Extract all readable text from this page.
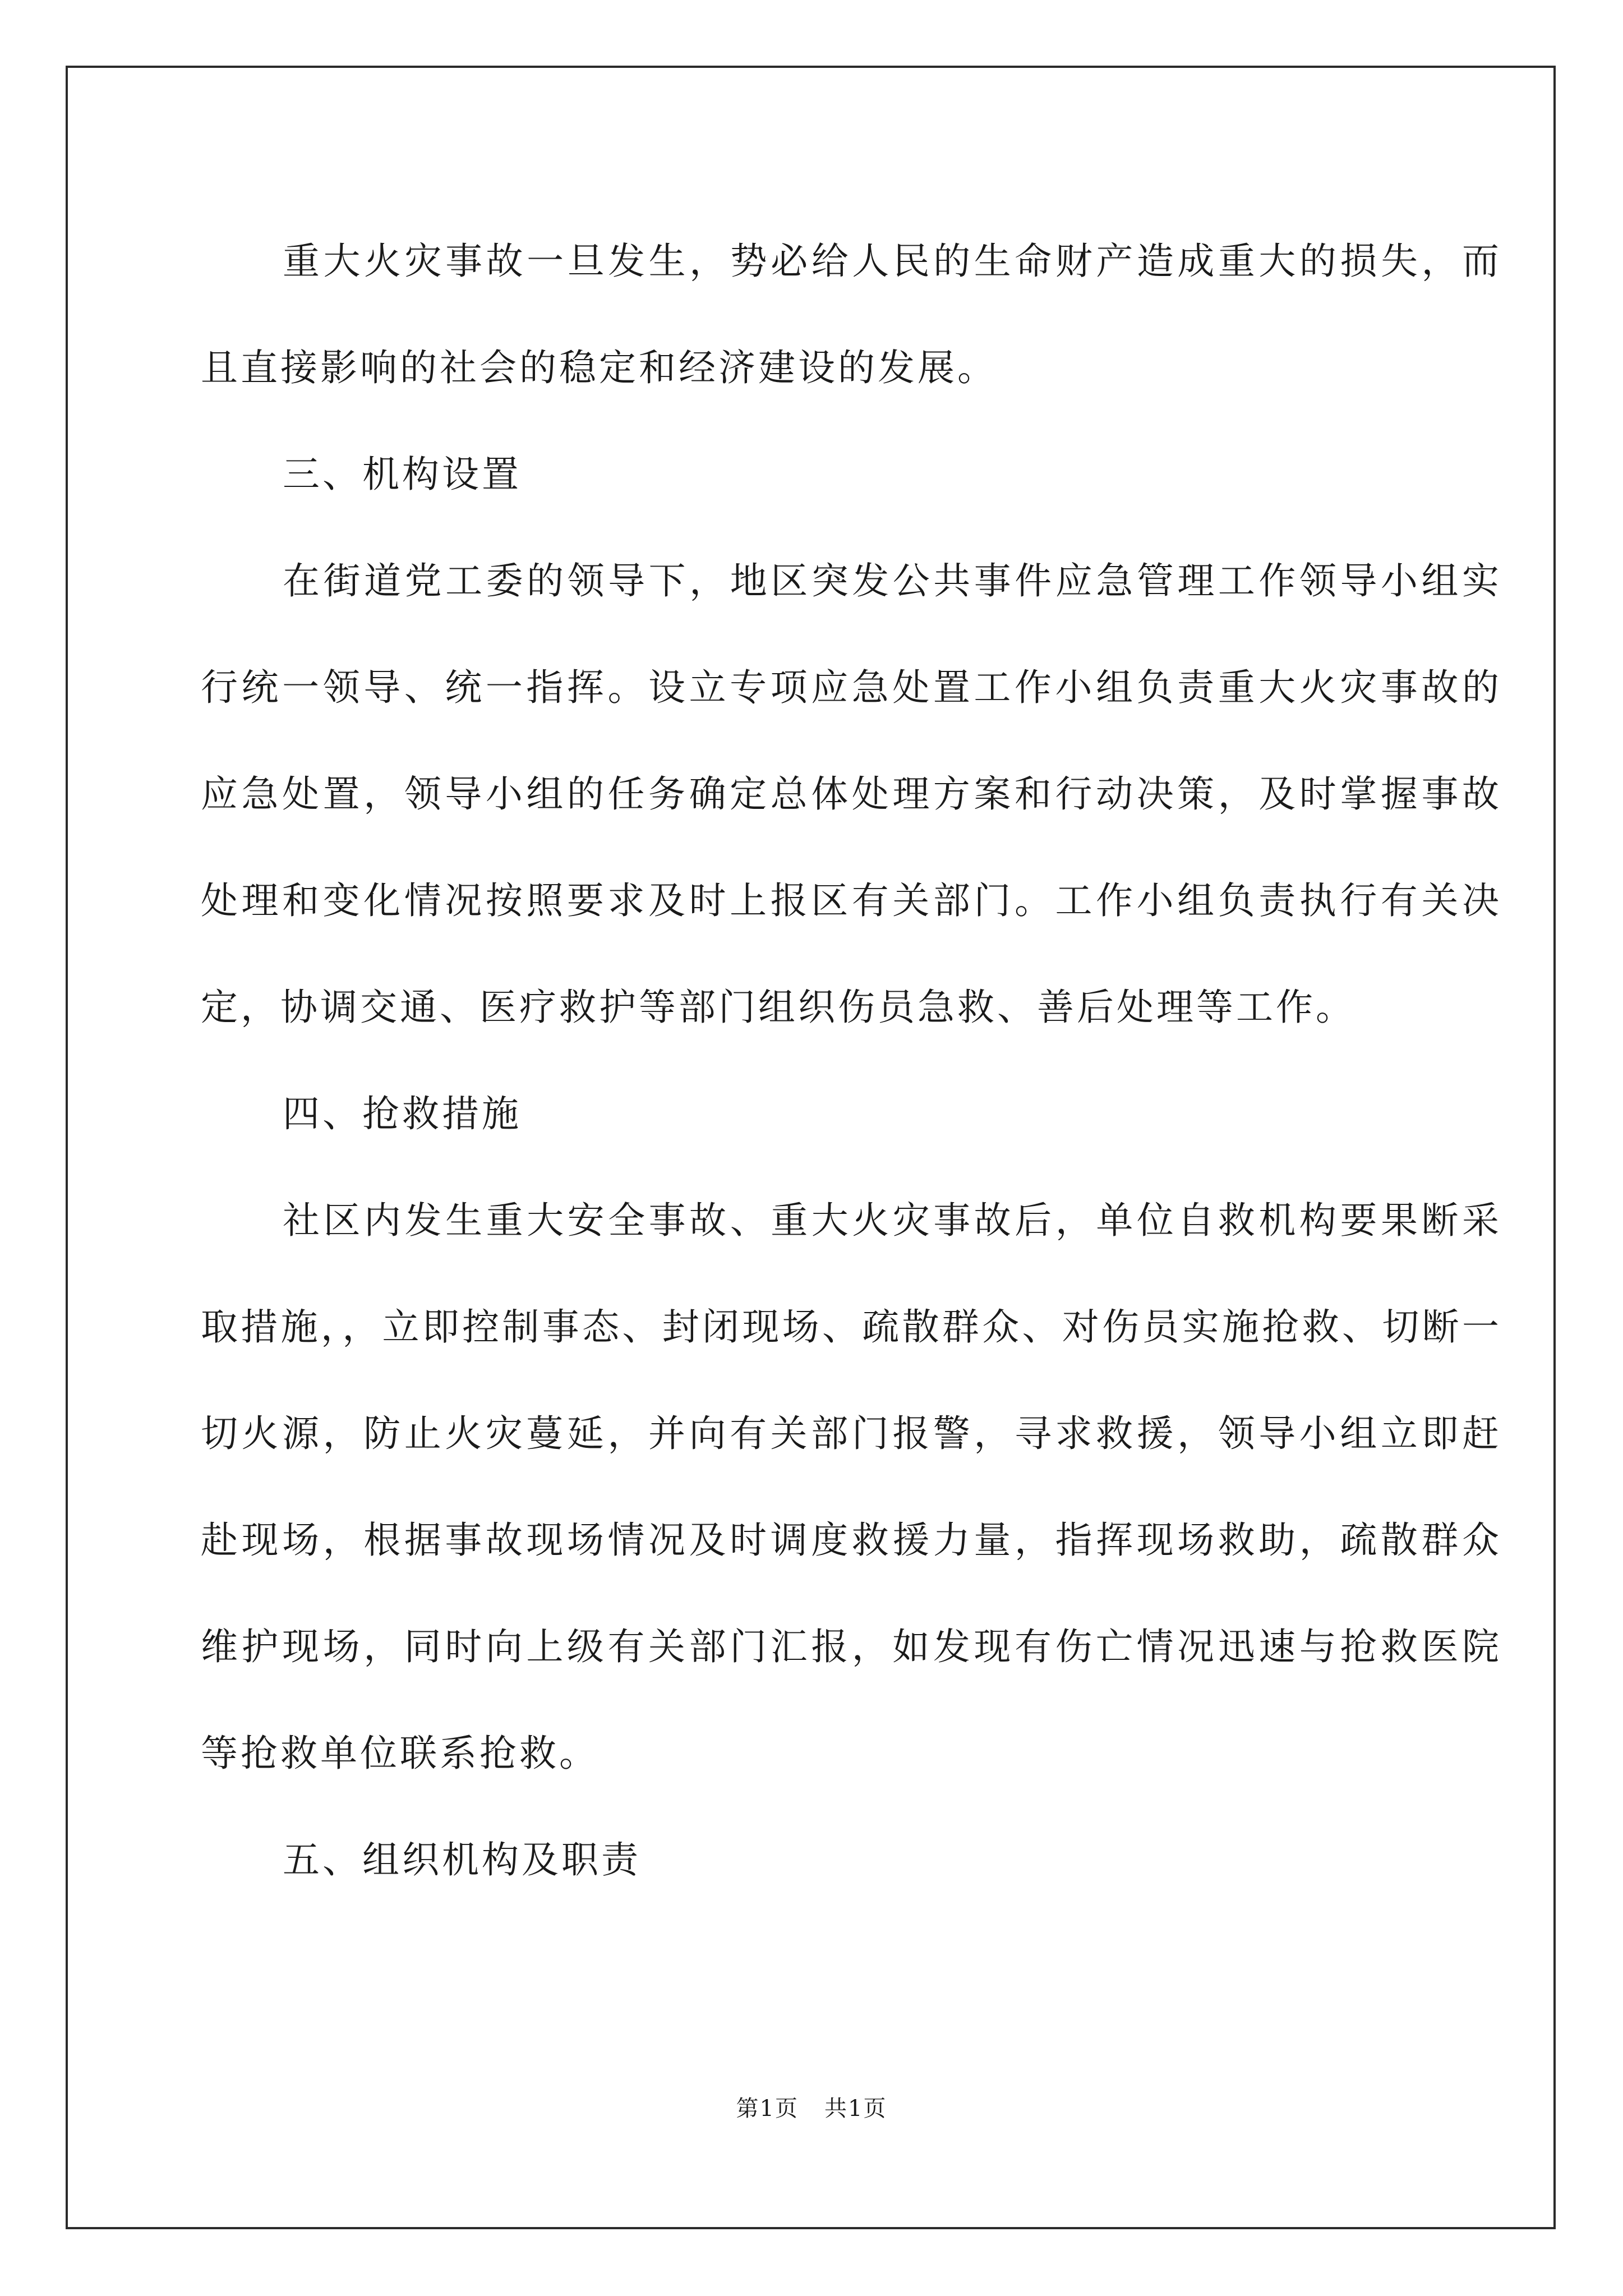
重大火灾事故一旦发生，势必给人民的生命财产造成重大的损失，而且直接影响的社会的稳定和经济建设的发展。

三、机构设置

在街道党工委的领导下，地区突发公共事件应急管理工作领导小组实行统一领导、统一指挥。设立专项应急处置工作小组负责重大火灾事故的应急处置，领导小组的任务确定总体处理方案和行动决策，及时掌握事故处理和变化情况按照要求及时上报区有关部门。工作小组负责执行有关决定，协调交通、医疗救护等部门组织伤员急救、善后处理等工作。

四、抢救措施

社区内发生重大安全事故、重大火灾事故后，单位自救机构要果断采取措施，，立即控制事态、封闭现场、疏散群众、对伤员实施抢救、切断一切火源，防止火灾蔓延，并向有关部门报警，寻求救援，领导小组立即赶赴现场，根据事故现场情况及时调度救援力量，指挥现场救助，疏散群众维护现场，同时向上级有关部门汇报，如发现有伤亡情况迅速与抢救医院等抢救单位联系抢救。

五、组织机构及职责

第1页 共1页
